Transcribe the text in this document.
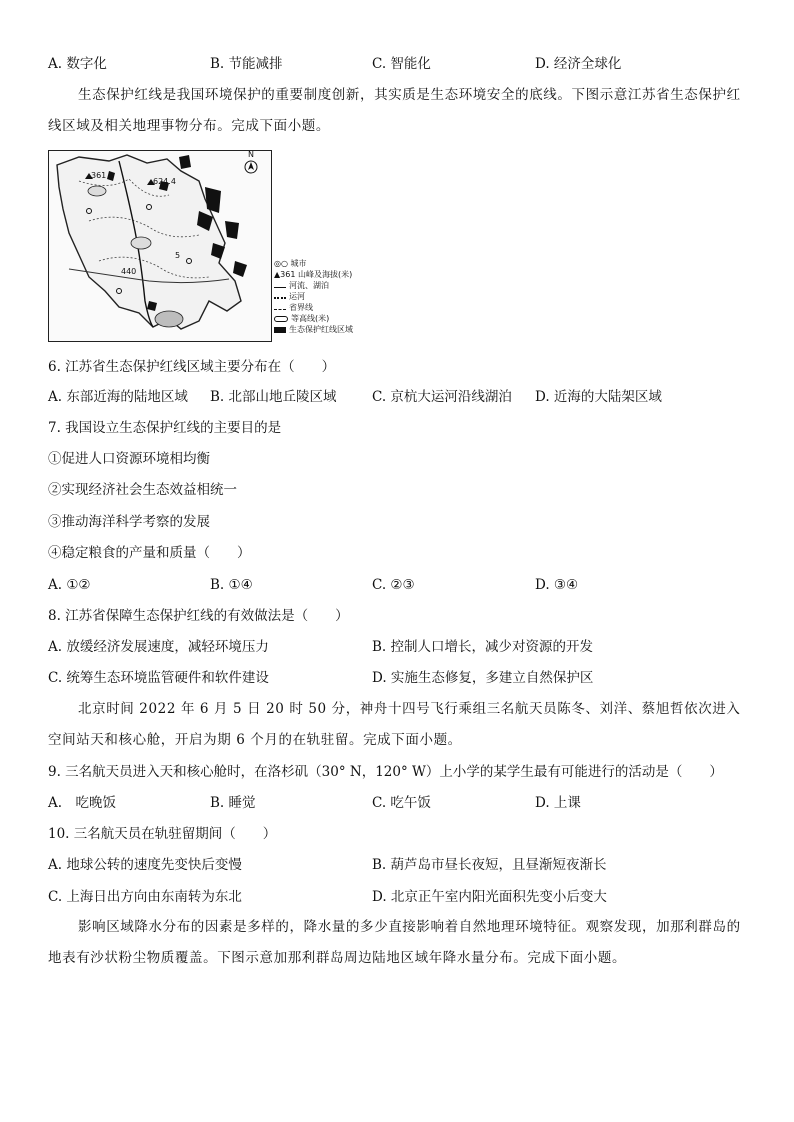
A. 数字化	B. 节能减排	C. 智能化	D. 经济全球化
生态保护红线是我国环境保护的重要制度创新，其实质是生态环境安全的底线。下图示意江苏省生态保护红线区域及相关地理事物分布。完成下面小题。
N
361
624.4
440
5
◎○ 城市
▲361 山峰及海拔(米)
河流、湖泊
运河
省界线
等高线(米)
生态保护红线区域
6. 江苏省生态保护红线区域主要分布在（　　）
A. 东部近海的陆地区域 B. 北部山地丘陵区域	C. 京杭大运河沿线湖泊 D. 近海的大陆架区域
7. 我国设立生态保护红线的主要目的是
①促进人口资源环境相均衡
②实现经济社会生态效益相统一
③推动海洋科学考察的发展
④稳定粮食的产量和质量（　　）
A. ①②	B. ①④	C. ②③	D. ③④
8. 江苏省保障生态保护红线的有效做法是（　　）
A. 放缓经济发展速度，减轻环境压力	B. 控制人口增长，减少对资源的开发
C. 统筹生态环境监管硬件和软件建设	D. 实施生态修复，多建立自然保护区
北京时间 2022 年 6 月 5 日 20 时 50 分，神舟十四号飞行乘组三名航天员陈冬、刘洋、蔡旭哲依次进入空间站天和核心舱，开启为期 6 个月的在轨驻留。完成下面小题。
9. 三名航天员进入天和核心舱时，在洛杉矶（30° N，120° W）上小学的某学生最有可能进行的活动是（　　）
A.　吃晚饭	B. 睡觉	C. 吃午饭	D. 上课
10. 三名航天员在轨驻留期间（　　）
A. 地球公转的速度先变快后变慢	B. 葫芦岛市昼长夜短，且昼渐短夜渐长
C. 上海日出方向由东南转为东北	D. 北京正午室内阳光面积先变小后变大
影响区域降水分布的因素是多样的，降水量的多少直接影响着自然地理环境特征。观察发现，加那利群岛的地表有沙状粉尘物质覆盖。下图示意加那利群岛周边陆地区域年降水量分布。完成下面小题。
